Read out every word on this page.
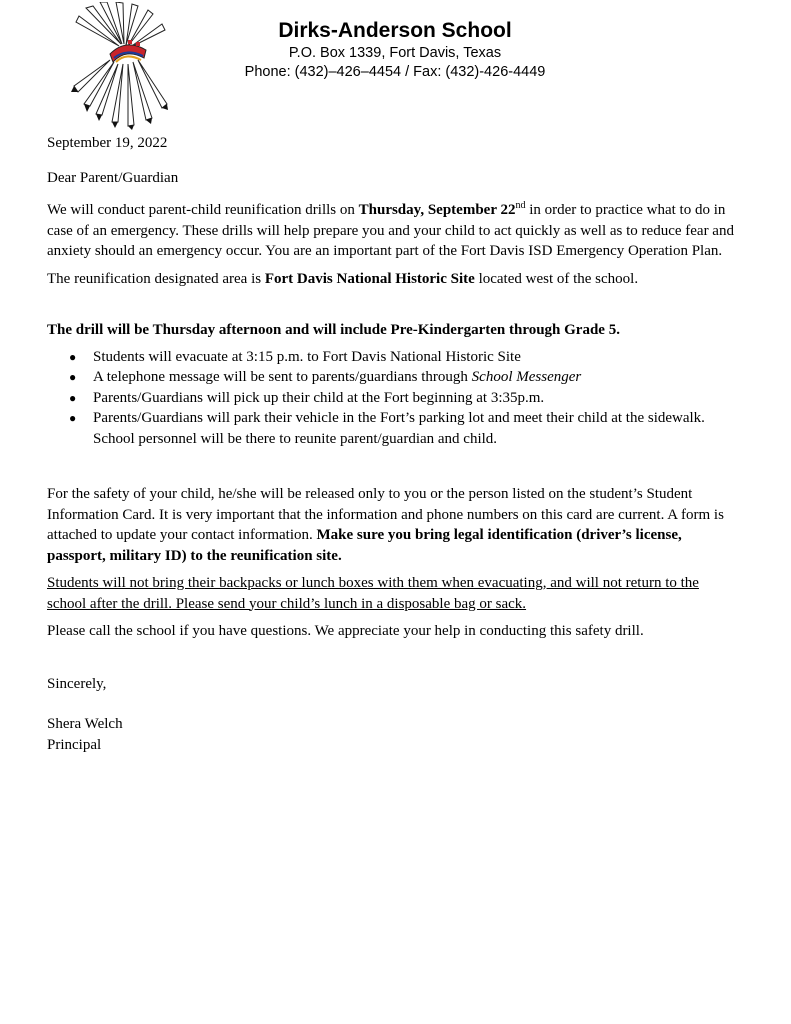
Dirks-Anderson School
P.O. Box 1339, Fort Davis, Texas
Phone: (432)–426–4454 / Fax: (432)-426-4449

September 19, 2022

Dear Parent/Guardian

We will conduct parent-child reunification drills on Thursday, September 22nd in order to practice what to do in case of an emergency. These drills will help prepare you and your child to act quickly as well as to reduce fear and anxiety should an emergency occur. You are an important part of the Fort Davis ISD Emergency Operation Plan.

The reunification designated area is Fort Davis National Historic Site located west of the school.

The drill will be Thursday afternoon and will include Pre-Kindergarten through Grade 5.

● Students will evacuate at 3:15 p.m. to Fort Davis National Historic Site
● A telephone message will be sent to parents/guardians through School Messenger
● Parents/Guardians will pick up their child at the Fort beginning at 3:35p.m.
● Parents/Guardians will park their vehicle in the Fort’s parking lot and meet their child at the sidewalk. School personnel will be there to reunite parent/guardian and child.

For the safety of your child, he/she will be released only to you or the person listed on the student’s Student Information Card. It is very important that the information and phone numbers on this card are current. A form is attached to update your contact information. Make sure you bring legal identification (driver’s license, passport, military ID) to the reunification site.

Students will not bring their backpacks or lunch boxes with them when evacuating, and will not return to the school after the drill. Please send your child’s lunch in a disposable bag or sack.

Please call the school if you have questions. We appreciate your help in conducting this safety drill.

Sincerely,

Shera Welch

Principal
